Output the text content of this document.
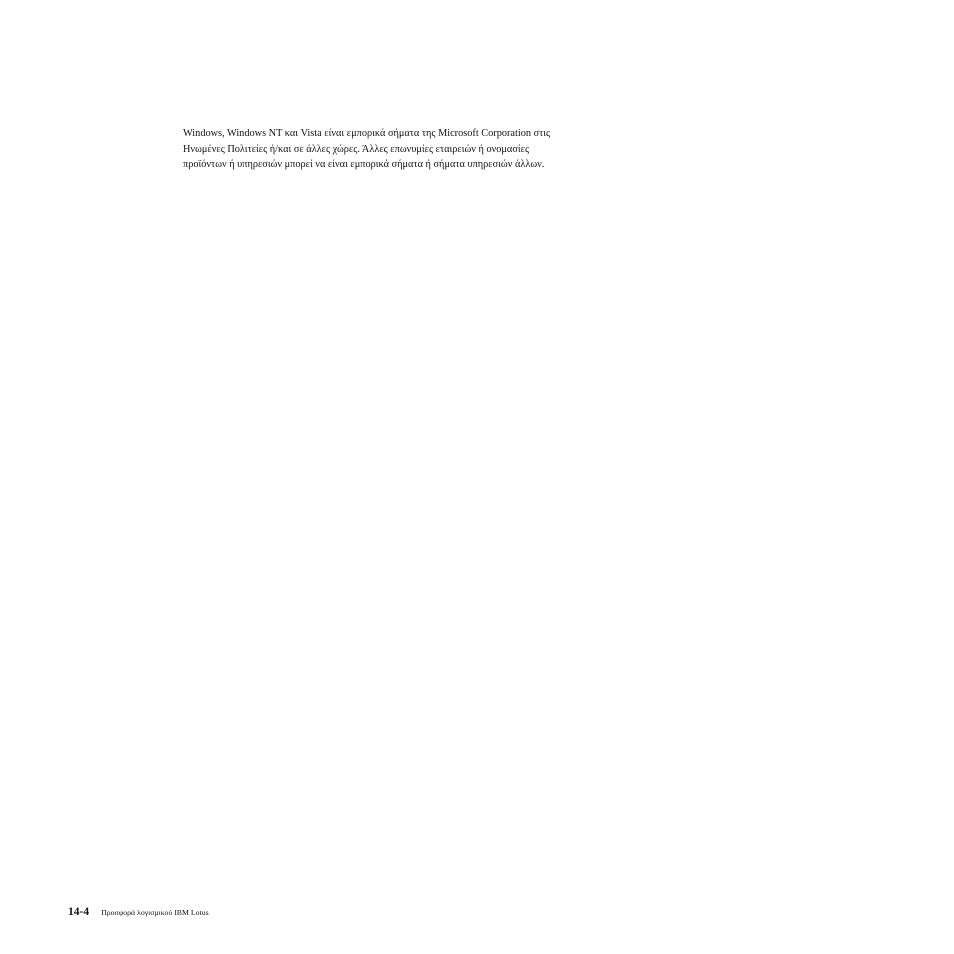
Windows, Windows NT και Vista είναι εμπορικά σήματα της Microsoft Corporation στις
Ηνωμένες Πολιτείες ή/και σε άλλες χώρες. Άλλες επωνυμίες εταιρειών ή ονομασίες
προϊόντων ή υπηρεσιών μπορεί να είναι εμπορικά σήματα ή σήματα υπηρεσιών άλλων.

14-4 Προσφορά λογισμικού IBM Lotus
